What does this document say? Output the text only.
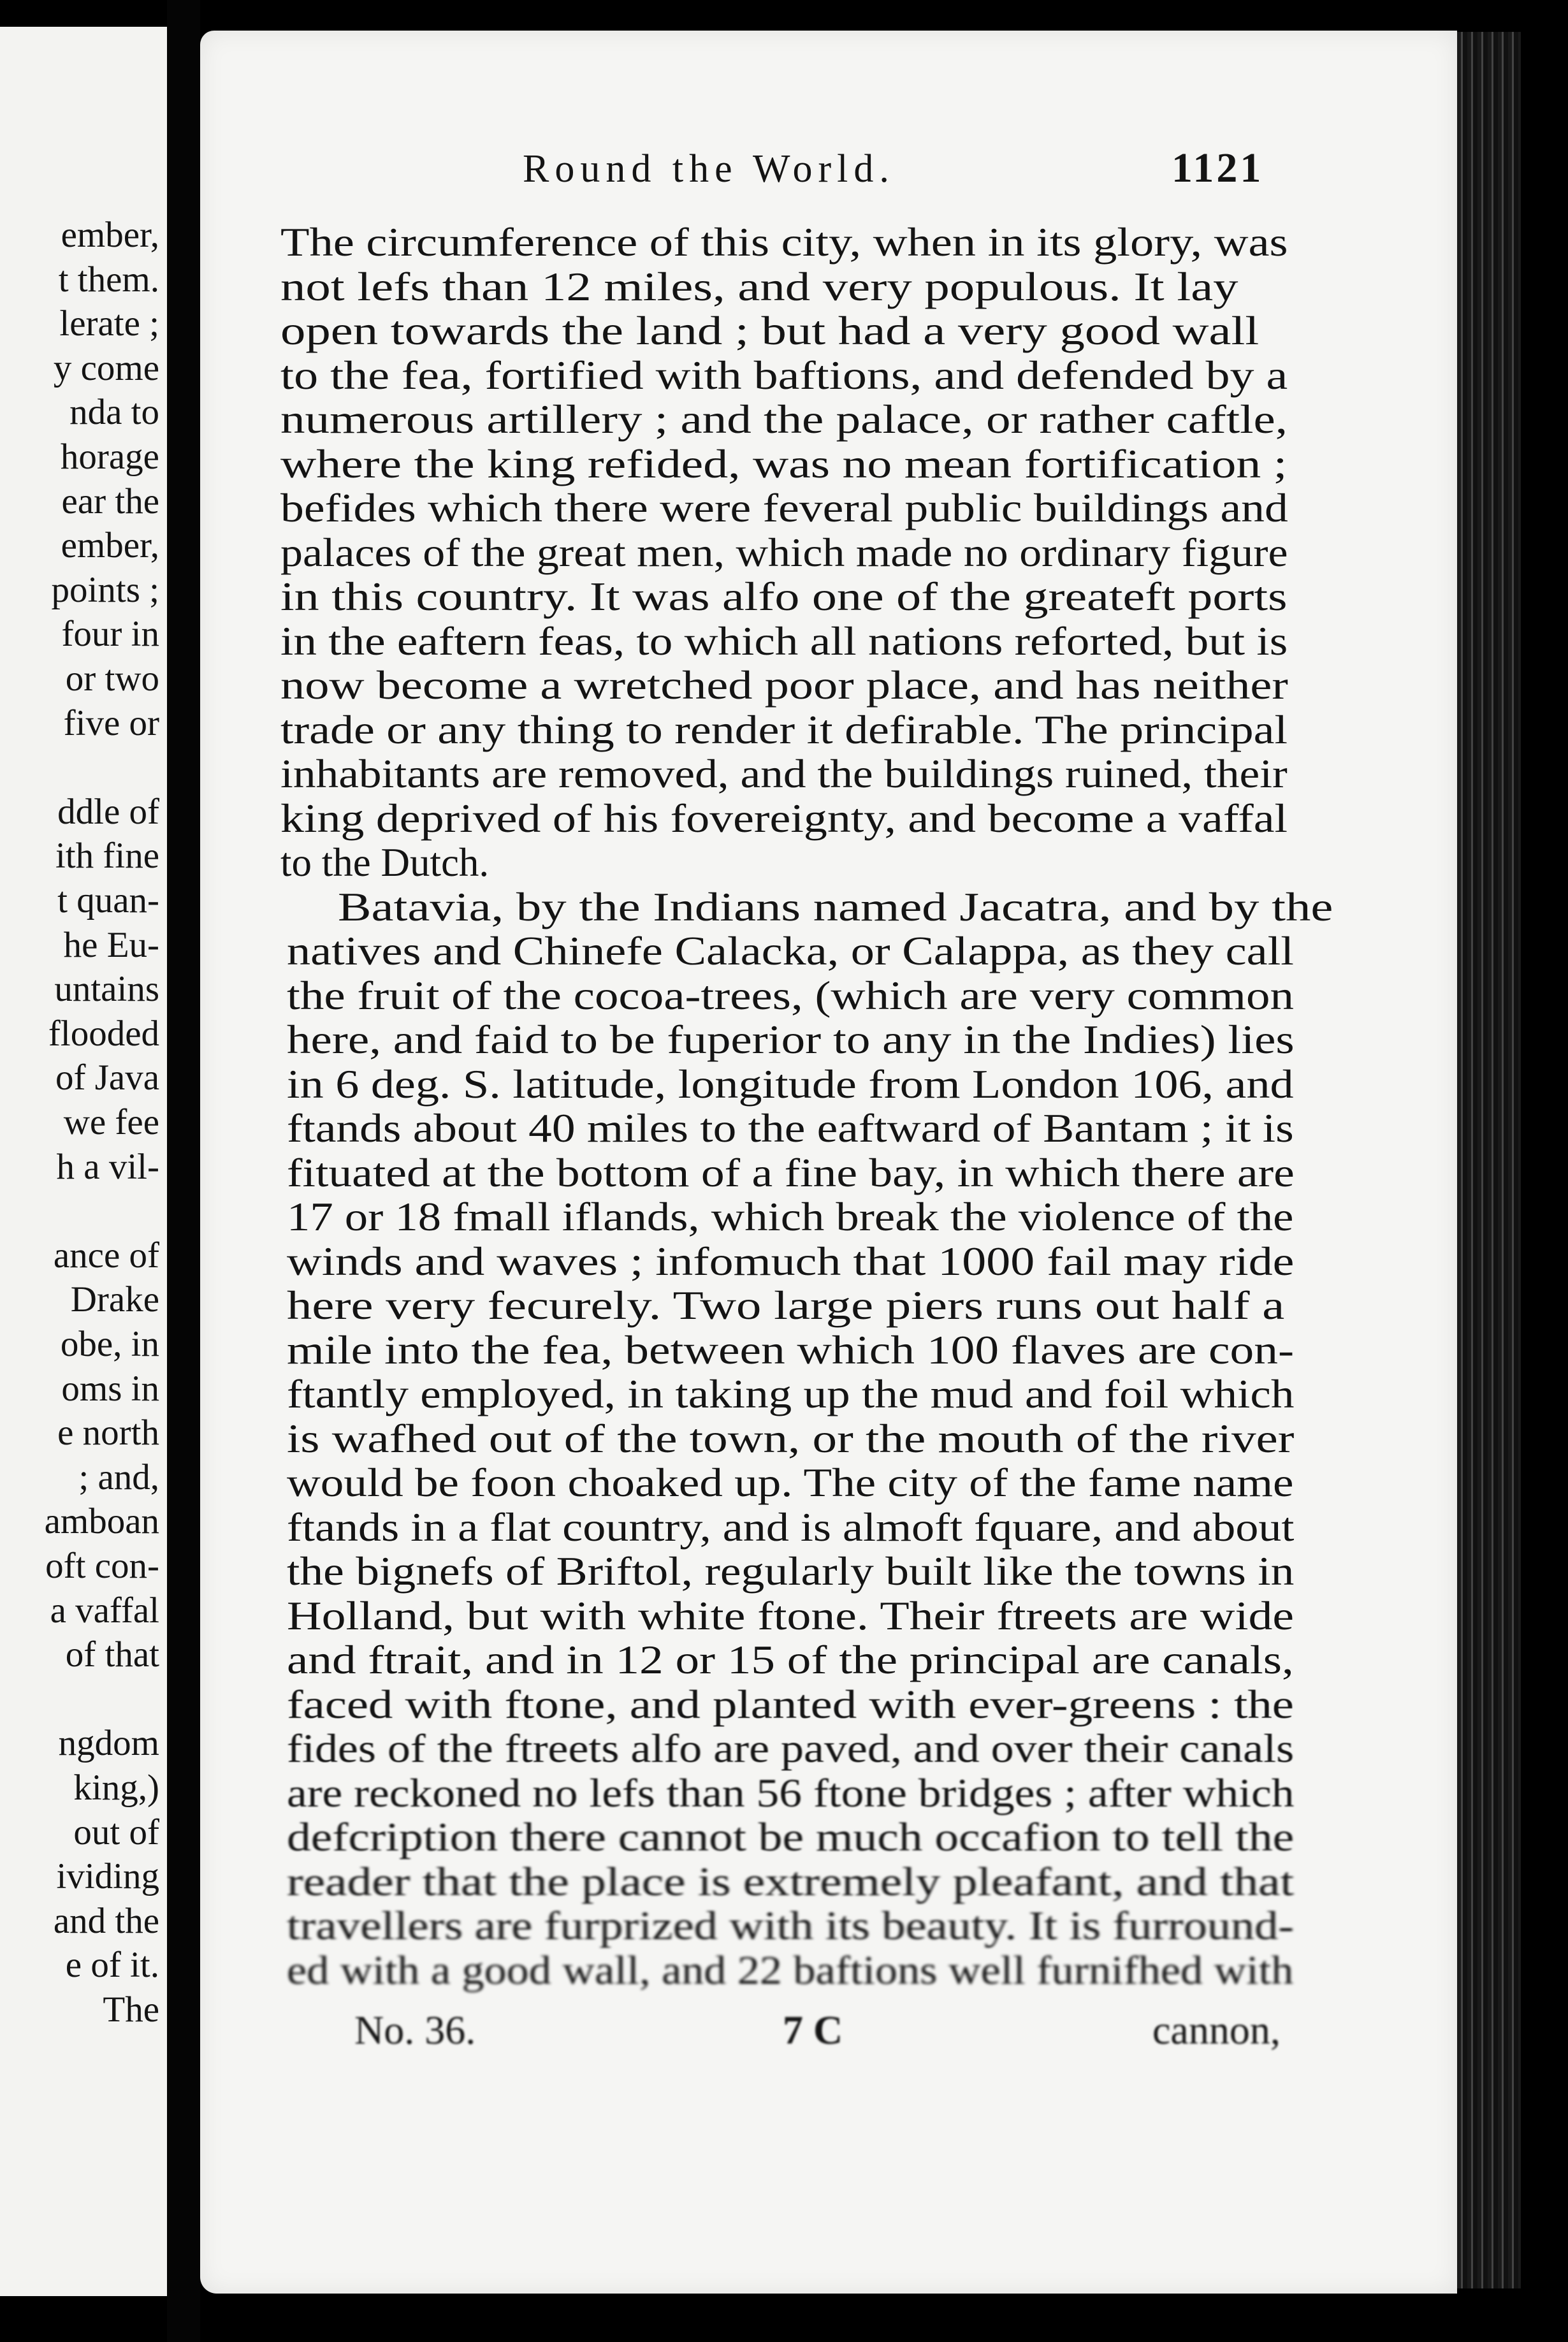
ember,
t them.
lerate ;
y come
nda to
horage
ear the
ember,
points ;
four in
or two
five or
ddle of
ith fine
t quan-
he Eu-
untains
flooded
of Java
we fee
h a vil-
ance of
Drake
obe, in
oms in
e north
; and,
amboan
oft con-
a vaffal
of that
ngdom
king,)
out of
ividing
and the
e of it.
The
Round the World.	1121
The circumference of this city, when in its glory, was
not lefs than 12 miles, and very populous. It lay
open towards the land ; but had a very good wall
to the fea, fortified with baftions, and defended by a
numerous artillery ; and the palace, or rather caftle,
where the king refided, was no mean fortification ;
befides which there were feveral public buildings and
palaces of the great men, which made no ordinary figure
in this country. It was alfo one of the greateft ports
in the eaftern feas, to which all nations reforted, but is
now become a wretched poor place, and has neither
trade or any thing to render it defirable. The principal
inhabitants are removed, and the buildings ruined, their
king deprived of his fovereignty, and become a vaffal
to the Dutch.
Batavia, by the Indians named Jacatra, and by the
natives and Chinefe Calacka, or Calappa, as they call
the fruit of the cocoa-trees, (which are very common
here, and faid to be fuperior to any in the Indies) lies
in 6 deg. S. latitude, longitude from London 106, and
ftands about 40 miles to the eaftward of Bantam ; it is
fituated at the bottom of a fine bay, in which there are
17 or 18 fmall iflands, which break the violence of the
winds and waves ; infomuch that 1000 fail may ride
here very fecurely. Two large piers runs out half a
mile into the fea, between which 100 flaves are con-
ftantly employed, in taking up the mud and foil which
is wafhed out of the town, or the mouth of the river
would be foon choaked up. The city of the fame name
ftands in a flat country, and is almoft fquare, and about
the bignefs of Briftol, regularly built like the towns in
Holland, but with white ftone. Their ftreets are wide
and ftrait, and in 12 or 15 of the principal are canals,
faced with ftone, and planted with ever-greens : the
fides of the ftreets alfo are paved, and over their canals
are reckoned no lefs than 56 ftone bridges ; after which
defcription there cannot be much occafion to tell the
reader that the place is extremely pleafant, and that
travellers are furprized with its beauty. It is furround-
ed with a good wall, and 22 baftions well furnifhed with
No. 36.	7 C	cannon,
